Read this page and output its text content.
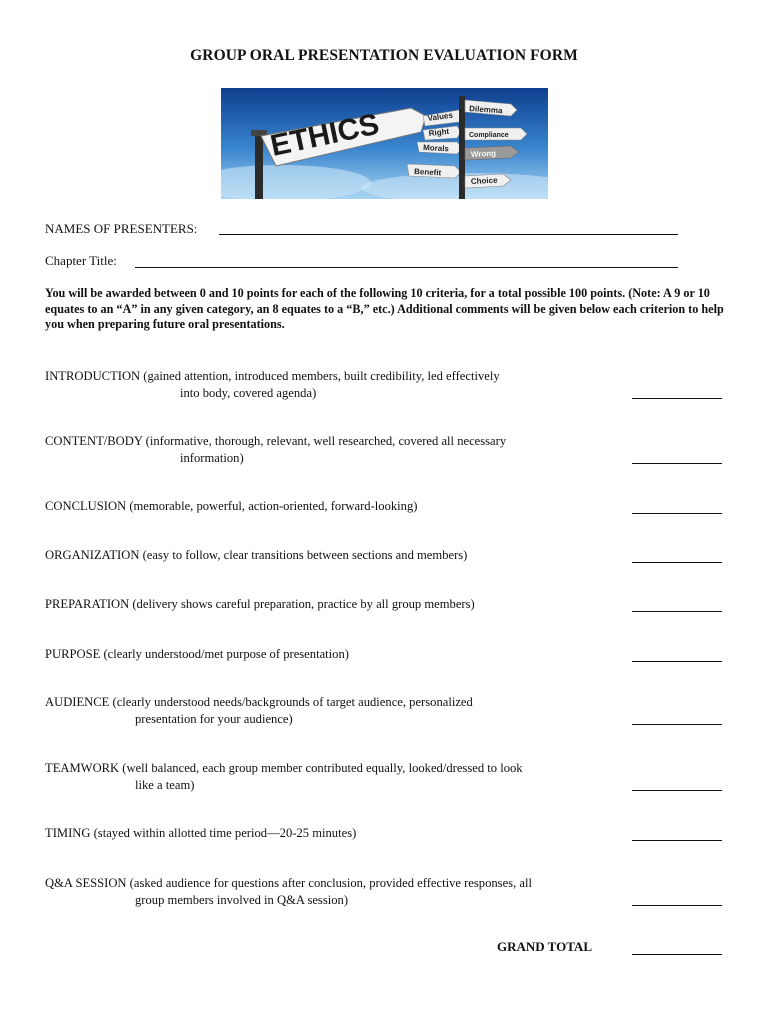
GROUP ORAL PRESENTATION EVALUATION FORM
ETHICS	Values
Right
Morals
Benefit
Dilemma
Compliance
Wrong
Choice
NAMES OF PRESENTERS:
Chapter Title:
You will be awarded between 0 and 10 points for each of the following 10 criteria, for a total possible 100 points. (Note: A 9 or 10 equates to an “A” in any given category, an 8 equates to a “B,” etc.) Additional comments will be given below each criterion to help you when preparing future oral presentations.
INTRODUCTION (gained attention, introduced members, built credibility, led effectively
into body, covered agenda)
CONTENT/BODY (informative, thorough, relevant, well researched, covered all necessary
information)
CONCLUSION (memorable, powerful, action-oriented, forward-looking)
ORGANIZATION (easy to follow, clear transitions between sections and members)
PREPARATION (delivery shows careful preparation, practice by all group members)
PURPOSE (clearly understood/met purpose of presentation)
AUDIENCE (clearly understood needs/backgrounds of target audience, personalized
presentation for your audience)
TEAMWORK (well balanced, each group member contributed equally, looked/dressed to look
like a team)
TIMING (stayed within allotted time period—20-25 minutes)
Q&A SESSION (asked audience for questions after conclusion, provided effective responses, all
group members involved in Q&A session)
GRAND TOTAL
